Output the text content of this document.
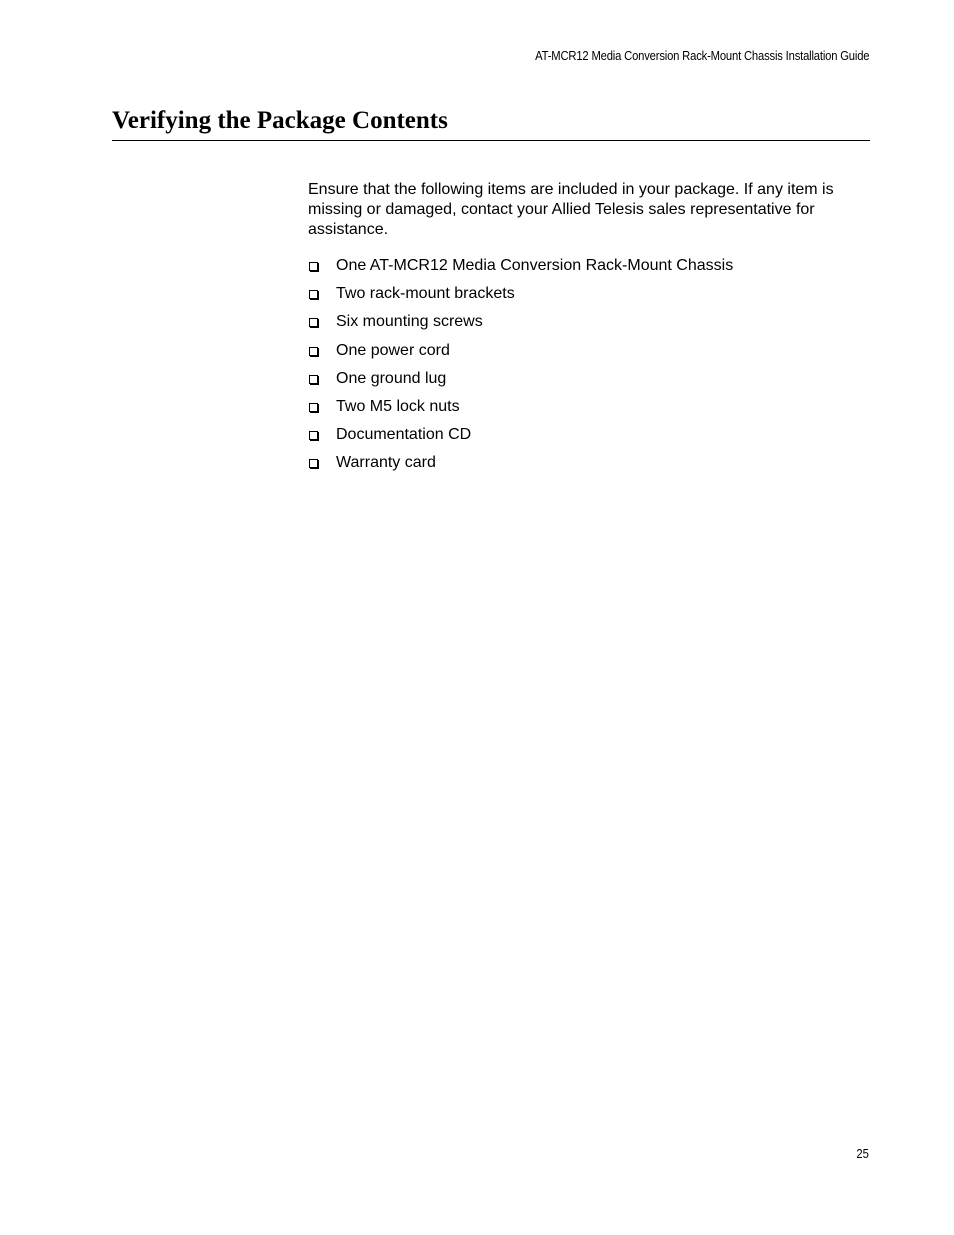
AT-MCR12 Media Conversion Rack-Mount Chassis Installation Guide
Verifying the Package Contents

Ensure that the following items are included in your package. If any item is missing or damaged, contact your Allied Telesis sales representative for assistance.

One AT-MCR12 Media Conversion Rack-Mount Chassis
Two rack-mount brackets
Six mounting screws
One power cord
One ground lug
Two M5 lock nuts
Documentation CD
Warranty card
25
